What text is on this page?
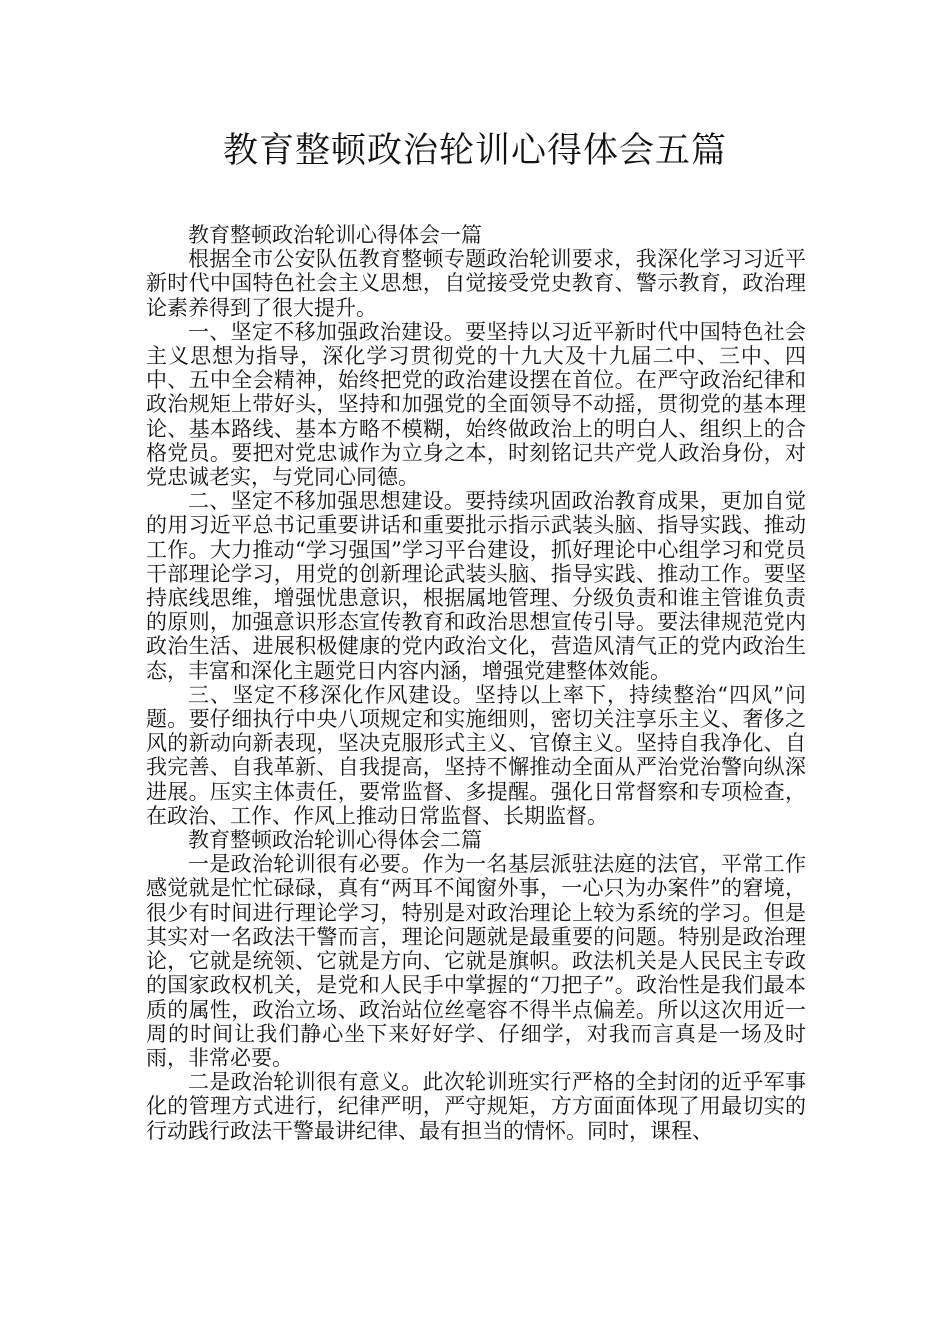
教育整顿政治轮训心得体会五篇

教育整顿政治轮训心得体会一篇

根据全市公安队伍教育整顿专题政治轮训要求，我深化学习习近平新时代中国特色社会主义思想，自觉接受党史教育、警示教育，政治理论素养得到了很大提升。

一、坚定不移加强政治建设。要坚持以习近平新时代中国特色社会主义思想为指导，深化学习贯彻党的十九大及十九届二中、三中、四中、五中全会精神，始终把党的政治建设摆在首位。在严守政治纪律和政治规矩上带好头，坚持和加强党的全面领导不动摇，贯彻党的基本理论、基本路线、基本方略不模糊，始终做政治上的明白人、组织上的合格党员。要把对党忠诚作为立身之本，时刻铭记共产党人政治身份，对党忠诚老实，与党同心同德。

二、坚定不移加强思想建设。要持续巩固政治教育成果，更加自觉的用习近平总书记重要讲话和重要批示指示武装头脑、指导实践、推动工作。大力推动“学习强国”学习平台建设，抓好理论中心组学习和党员干部理论学习，用党的创新理论武装头脑、指导实践、推动工作。要坚持底线思维，增强忧患意识，根据属地管理、分级负责和谁主管谁负责的原则，加强意识形态宣传教育和政治思想宣传引导。要法律规范党内政治生活、进展积极健康的党内政治文化，营造风清气正的党内政治生态，丰富和深化主题党日内容内涵，增强党建整体效能。

三、坚定不移深化作风建设。坚持以上率下，持续整治“四风”问题。要仔细执行中央八项规定和实施细则，密切关注享乐主义、奢侈之风的新动向新表现，坚决克服形式主义、官僚主义。坚持自我净化、自我完善、自我革新、自我提高，坚持不懈推动全面从严治党治警向纵深进展。压实主体责任，要常监督、多提醒。强化日常督察和专项检查，在政治、工作、作风上推动日常监督、长期监督。

教育整顿政治轮训心得体会二篇

一是政治轮训很有必要。作为一名基层派驻法庭的法官，平常工作感觉就是忙忙碌碌，真有“两耳不闻窗外事，一心只为办案件”的窘境，很少有时间进行理论学习，特别是对政治理论上较为系统的学习。但是其实对一名政法干警而言，理论问题就是最重要的问题。特别是政治理论，它就是统领、它就是方向、它就是旗帜。政法机关是人民民主专政的国家政权机关，是党和人民手中掌握的“刀把子”。政治性是我们最本质的属性，政治立场、政治站位丝毫容不得半点偏差。所以这次用近一周的时间让我们静心坐下来好好学、仔细学，对我而言真是一场及时雨，非常必要。

二是政治轮训很有意义。此次轮训班实行严格的全封闭的近乎军事化的管理方式进行，纪律严明，严守规矩，方方面面体现了用最切实的行动践行政法干警最讲纪律、最有担当的情怀。同时，课程、
